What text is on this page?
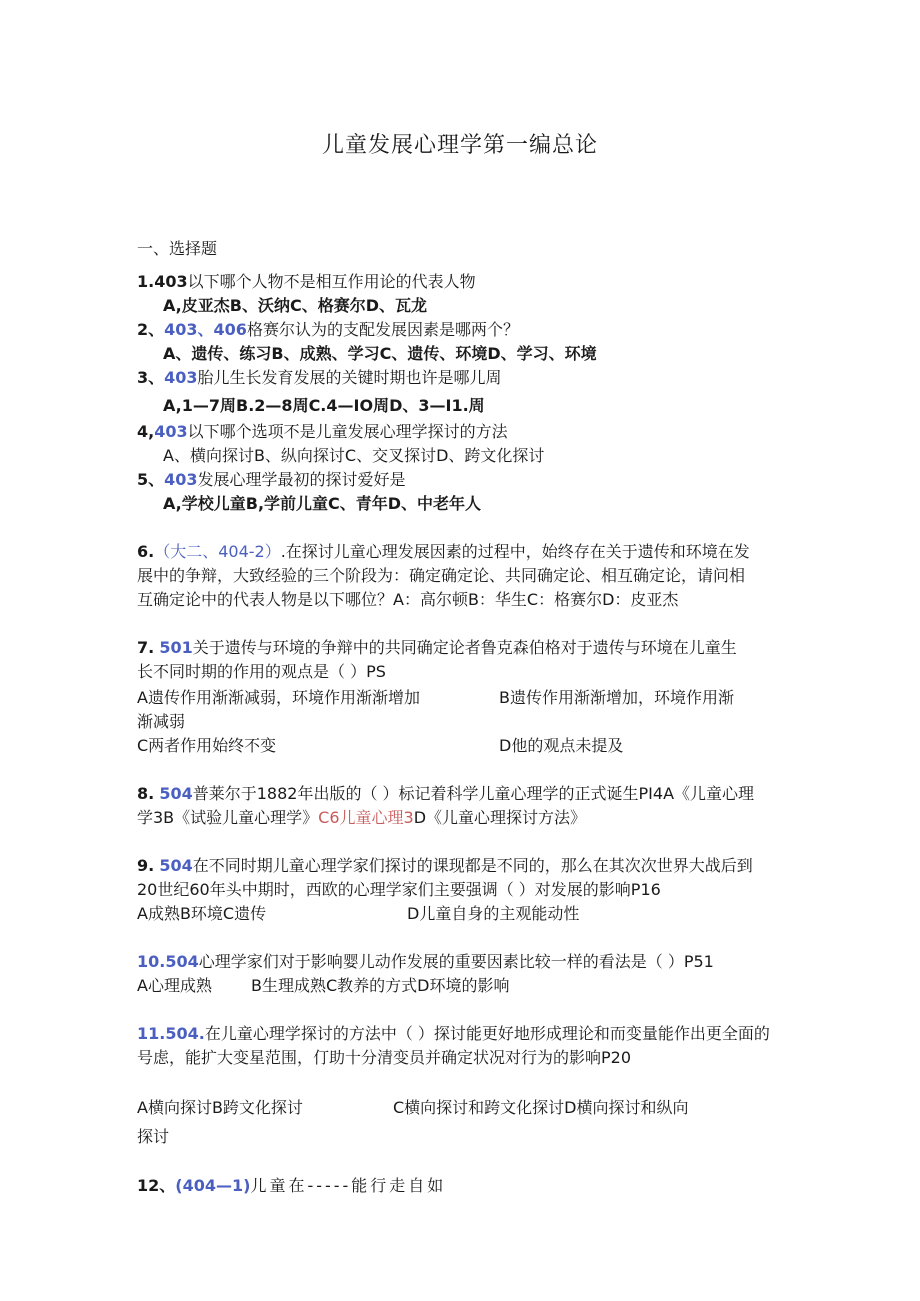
儿童发展心理学第一编总论
一、选择题
1.403以下哪个人物不是相互作用论的代表人物
A,皮亚杰B、沃纳C、格赛尔D、瓦龙
2、403、406格赛尔认为的支配发展因素是哪两个？
A、遗传、练习B、成熟、学习C、遗传、环境D、学习、环境
3、403胎儿生长发育发展的关键时期也许是哪儿周
A,1—7周B.2—8周C.4—IO周D、3—I1.周
4,403以下哪个选项不是儿童发展心理学探讨的方法
A、横向探讨B、纵向探讨C、交叉探讨D、跨文化探讨
5、403发展心理学最初的探讨爱好是
A,学校儿童B,学前儿童C、青年D、中老年人
6.（大二、404-2）.在探讨儿童心理发展因素的过程中，始终存在关于遗传和环境在发
展中的争辩，大致经验的三个阶段为：确定确定论、共同确定论、相互确定论，请问相
互确定论中的代表人物是以下哪位？A：高尔顿B：华生C：格赛尔D：皮亚杰
7. 501关于遗传与环境的争辩中的共同确定论者鲁克森伯格对于遗传与环境在儿童生
长不同时期的作用的观点是（ ）PS
A遗传作用渐渐减弱，环境作用渐渐增加	B遗传作用渐渐增加，环境作用渐
渐减弱
C两者作用始终不变	D他的观点未提及
8. 504普莱尔于1882年出版的（ ）标记着科学儿童心理学的正式诞生PI4A《儿童心理
学3B《试验儿童心理学》C6儿童心理3D《儿童心理探讨方法》
9. 504在不同时期儿童心理学家们探讨的课现都是不同的，那么在其次次世界大战后到
20世纪60年头中期时，西欧的心理学家们主要强调（ ）对发展的影响P16
A成熟B环境C遗传	D儿童自身的主观能动性
10.504心理学家们对于影响婴儿动作发展的重要因素比较一样的看法是（ ）P51
A心理成熟 B生理成熟C教养的方式D环境的影响
11.504.在儿童心理学探讨的方法中（ ）探讨能更好地形成理论和而变量能作出更全面的
号虑，能扩大变星范围，仃助十分清变员并确定状况对行为的影响P20
A横向探讨B跨文化探讨	C横向探讨和跨文化探讨D横向探讨和纵向
探讨
12、(404—1)儿童在-----能行走自如
